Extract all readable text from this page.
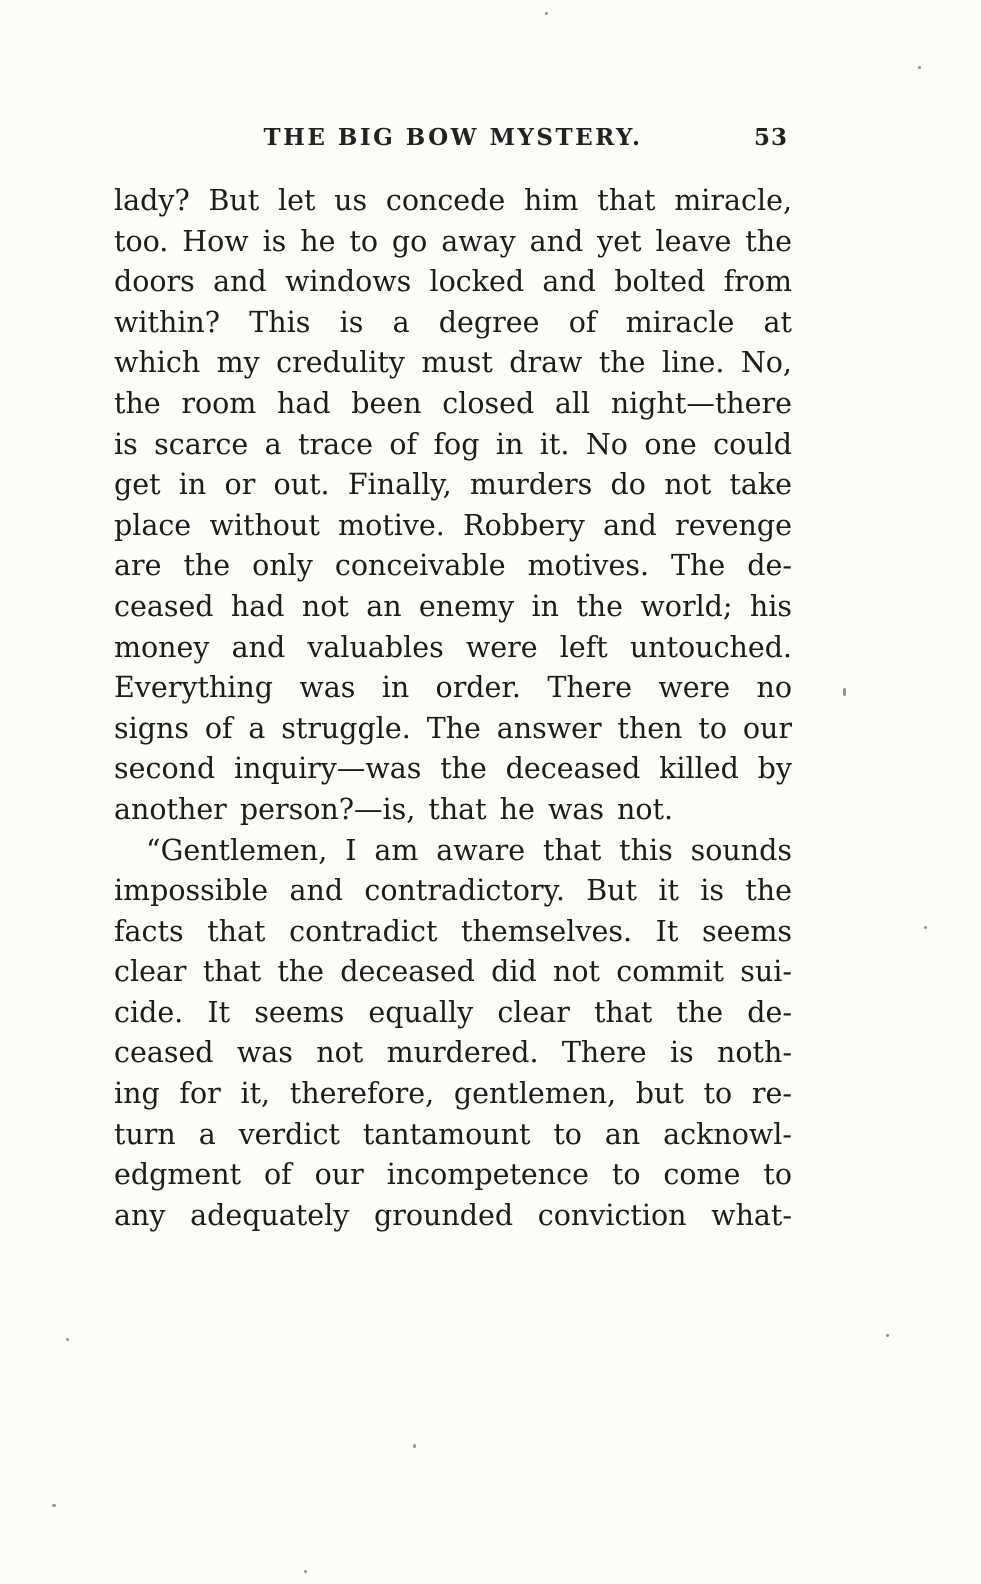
THE BIG BOW MYSTERY.	53
lady? But let us concede him that miracle,
too. How is he to go away and yet leave the
doors and windows locked and bolted from
within? This is a degree of miracle at
which my credulity must draw the line. No,
the room had been closed all night—there
is scarce a trace of fog in it. No one could
get in or out. Finally, murders do not take
place without motive. Robbery and revenge
are the only conceivable motives. The de-
ceased had not an enemy in the world; his
money and valuables were left untouched.
Everything was in order. There were no
signs of a struggle. The answer then to our
second inquiry—was the deceased killed by
another person?—is, that he was not.
“Gentlemen, I am aware that this sounds
impossible and contradictory. But it is the
facts that contradict themselves. It seems
clear that the deceased did not commit sui-
cide. It seems equally clear that the de-
ceased was not murdered. There is noth-
ing for it, therefore, gentlemen, but to re-
turn a verdict tantamount to an acknowl-
edgment of our incompetence to come to
any adequately grounded conviction what-
